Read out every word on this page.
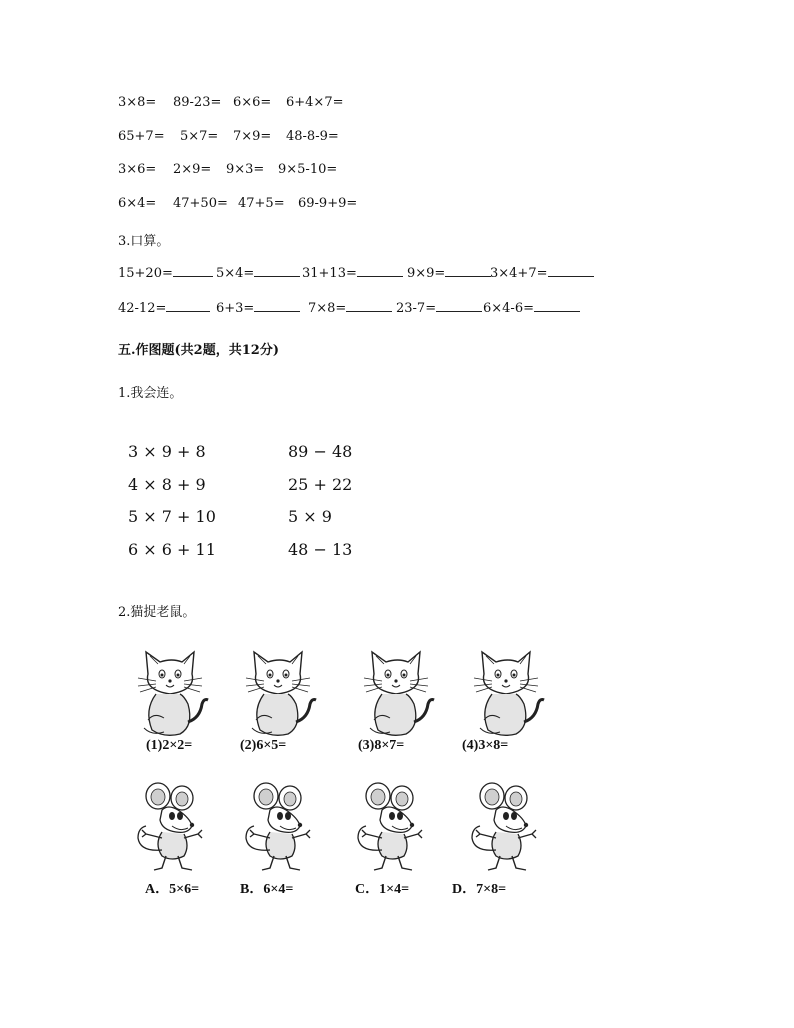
3×8= 89-23= 6×6= 6+4×7=
65+7= 5×7= 7×9= 48-8-9=
3×6= 2×9= 9×3= 9×5-10=
6×4= 47+50= 47+5= 69-9+9=
3.口算。
15+20=	5×4=	31+13=	9×9=	3×4+7=
42-12=	6+3=	7×8=	23-7=	6×4-6=
五.作图题(共2题，共12分)
1.我会连。
3 × 9 + 8
4 × 8 + 9
5 × 7 + 10
6 × 6 + 11
89 − 48
25 + 22
5 × 9
48 − 13
2.猫捉老鼠。
(1)2×2=	(2)6×5=	(3)8×7=	(4)3×8=
A．5×6=	B．6×4=	C．1×4=	D．7×8=
